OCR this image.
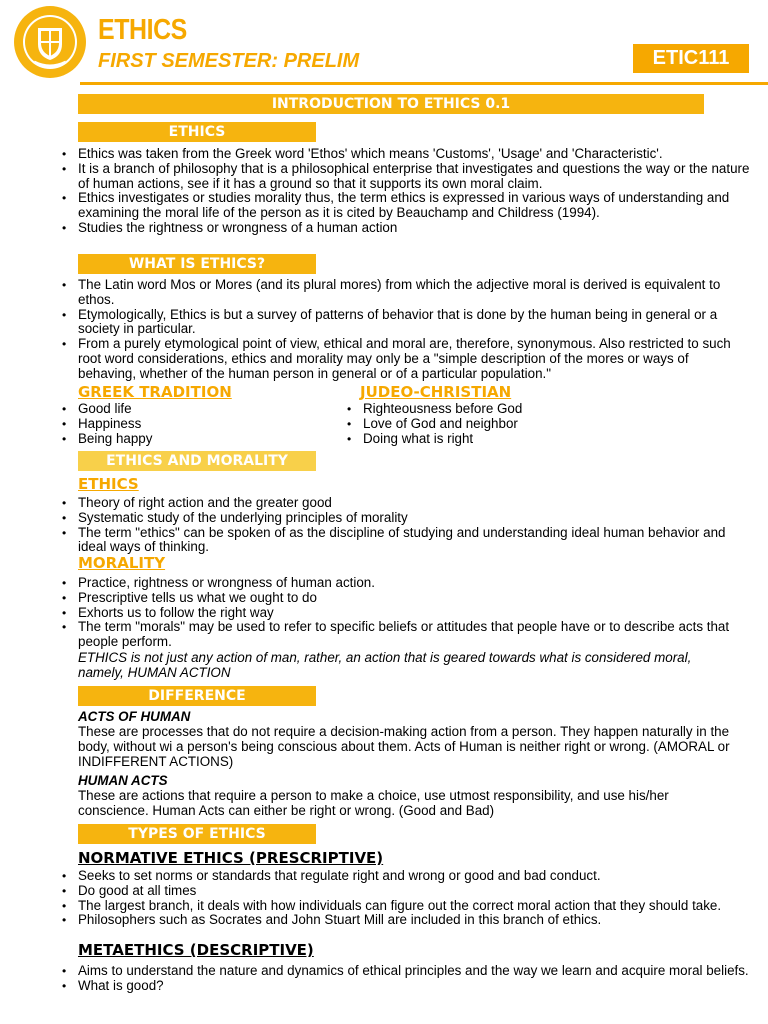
ETHICS
FIRST SEMESTER: PRELIM	ETIC111
INTRODUCTION TO ETHICS 0.1
ETHICS
• Ethics was taken from the Greek word 'Ethos' which means 'Customs', 'Usage' and 'Characteristic'.
• It is a branch of philosophy that is a philosophical enterprise that investigates and questions the way or the nature of human actions, see if it has a ground so that it supports its own moral claim.
• Ethics investigates or studies morality thus, the term ethics is expressed in various ways of understanding and examining the moral life of the person as it is cited by Beauchamp and Childress (1994).
• Studies the rightness or wrongness of a human action
WHAT IS ETHICS?
• The Latin word Mos or Mores (and its plural mores) from which the adjective moral is derived is equivalent to ethos.
• Etymologically, Ethics is but a survey of patterns of behavior that is done by the human being in general or a society in particular.
• From a purely etymological point of view, ethical and moral are, therefore, synonymous. Also restricted to such root word considerations, ethics and morality may only be a "simple description of the mores or ways of behaving, whether of the human person in general or of a particular population."
GREEK TRADITION	JUDEO-CHRISTIAN
• Good life
• Happiness
• Being happy
• Righteousness before God
• Love of God and neighbor
• Doing what is right
ETHICS AND MORALITY
ETHICS
• Theory of right action and the greater good
• Systematic study of the underlying principles of morality
• The term "ethics" can be spoken of as the discipline of studying and understanding ideal human behavior and ideal ways of thinking.
MORALITY
• Practice, rightness or wrongness of human action.
• Prescriptive tells us what we ought to do
• Exhorts us to follow the right way
• The term "morals" may be used to refer to specific beliefs or attitudes that people have or to describe acts that people perform.
ETHICS is not just any action of man, rather, an action that is geared towards what is considered moral, namely, HUMAN ACTION
DIFFERENCE
ACTS OF HUMAN
These are processes that do not require a decision-making action from a person. They happen naturally in the body, without wi a person's being conscious about them. Acts of Human is neither right or wrong. (AMORAL or INDIFFERENT ACTIONS)
HUMAN ACTS
These are actions that require a person to make a choice, use utmost responsibility, and use his/her conscience. Human Acts can either be right or wrong. (Good and Bad)
TYPES OF ETHICS
NORMATIVE ETHICS (PRESCRIPTIVE)
• Seeks to set norms or standards that regulate right and wrong or good and bad conduct.
• Do good at all times
• The largest branch, it deals with how individuals can figure out the correct moral action that they should take.
• Philosophers such as Socrates and John Stuart Mill are included in this branch of ethics.
METAETHICS (DESCRIPTIVE)
• Aims to understand the nature and dynamics of ethical principles and the way we learn and acquire moral beliefs.
• What is good?
